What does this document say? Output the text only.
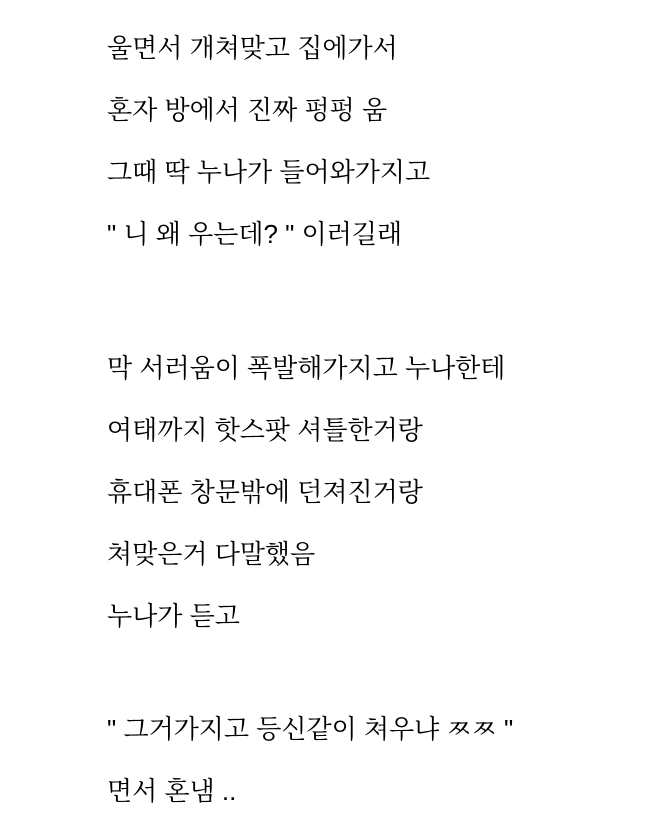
울면서 개쳐맞고 집에가서

혼자 방에서 진짜 펑펑 움

그때 딱 누나가 들어와가지고

" 니 왜 우는데? " 이러길래

막 서러움이 폭발해가지고 누나한테

여태까지 핫스팟 셔틀한거랑

휴대폰 창문밖에 던져진거랑

쳐맞은거 다말했음

누나가 듣고

" 그거가지고 등신같이 쳐우냐 ㅉㅉ "

면서 혼냄 ..
